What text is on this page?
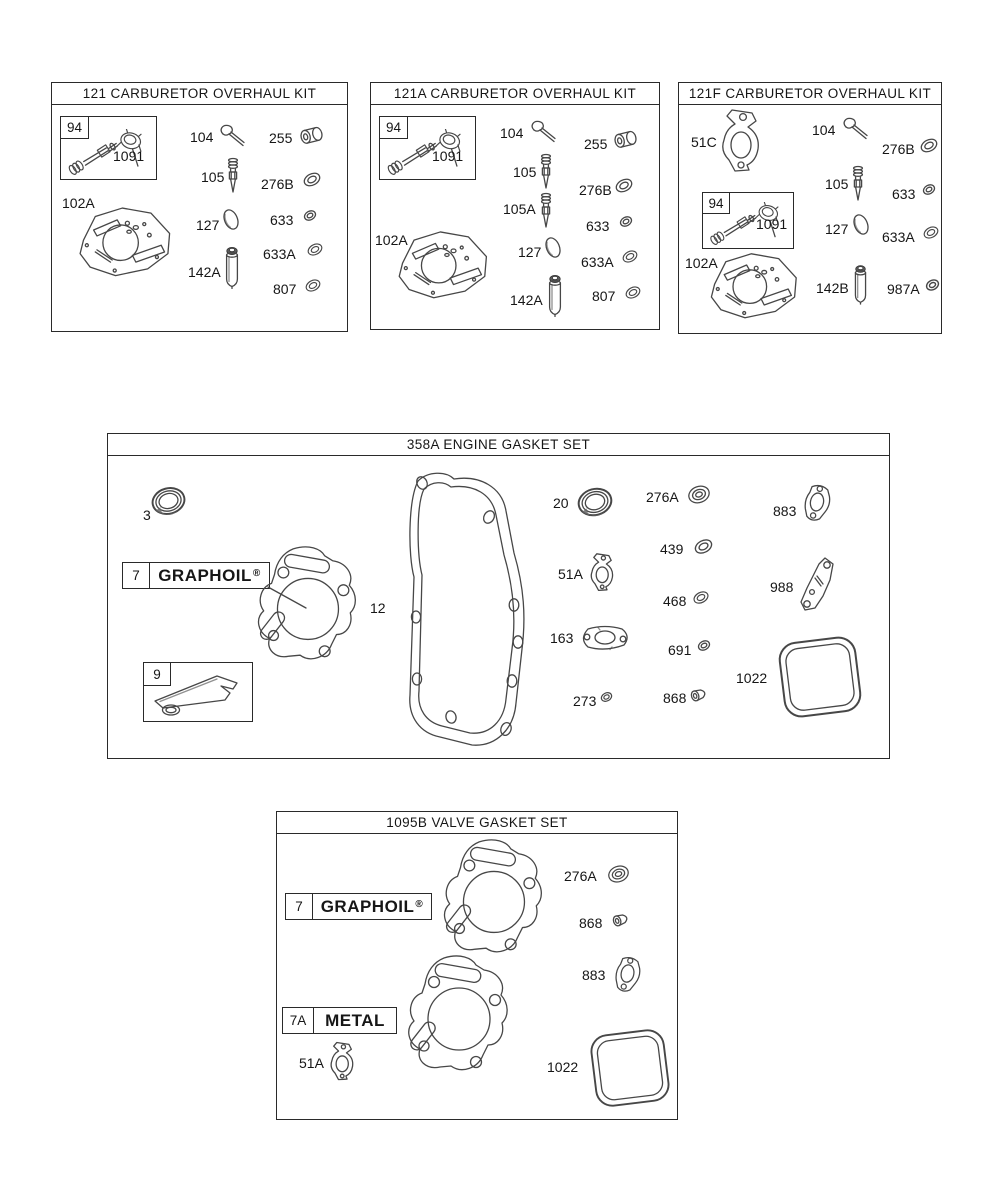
121 CARBURETOR OVERHAUL KIT
94
1091
102A
104	255
105	276B
127	633
633A
142A
807
121A CARBURETOR OVERHAUL KIT
94
1091
104
255
105
276B
105A
633
102A
127
633A
142A	807
121F CARBURETOR OVERHAUL KIT
51C
104
276B
105
633
94
1091	127 633A
102A
142B	987A
358A ENGINE GASKET SET
3
7	GRAPHOIL ®
9
12
20	276A
883
439
51A
988
468
163
691
1022
273	868
1095B VALVE GASKET SET
276A
7	GRAPHOIL ®
868
883
7A	METAL
51A	1022
